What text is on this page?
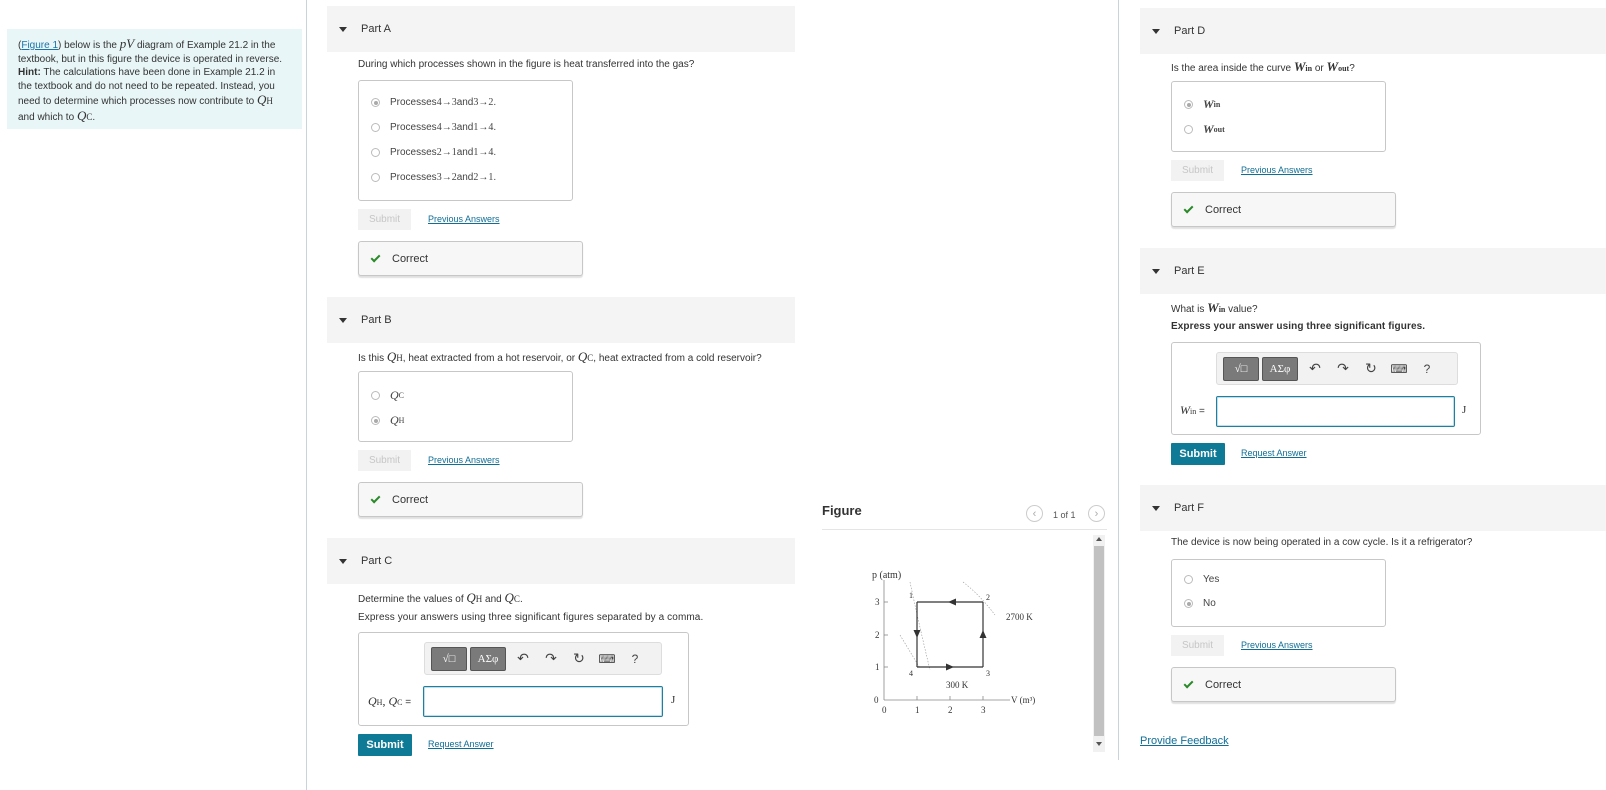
(Figure 1) below is the pV diagram of Example 21.2 in the textbook, but in this figure the device is operated in reverse. Hint: The calculations have been done in Example 21.2 in the textbook and do not need to be repeated. Instead, you need to determine which processes now contribute to QH and which to QC.
Part A
During which processes shown in the figure is heat transferred into the gas?
Processes 4 → 3 and 3 → 2 .
Processes 4 → 3 and 1 → 4 .
Processes 2 → 1 and 1 → 4 .
Processes 3 → 2 and 2 → 1 .
Submit	Previous Answers
Correct
Part B
Is this QH, heat extracted from a hot reservoir, or QC, heat extracted from a cold reservoir?
Q C
Q H
Submit	Previous Answers
Correct
Part C
Determine the values of QH and QC.
Express your answers using three significant figures separated by a comma.
√□	ΑΣφ	↶	↷	↻	⌨	?
QH, QC =	J
Submit	Request Answer
Figure	‹ 1 of 1 ›
p (atm)
3
2
1
0
0	1	2	3
V (m³)
1	2
3
4
2700 K
300 K
Part D
Is the area inside the curve Win or Wout?
W in
W out
Submit	Previous Answers
Correct
Part E
What is Win value?
Express your answer using three significant figures.
√□	ΑΣφ	↶	↷	↻	⌨	?
Win =	J
Submit	Request Answer
Part F
The device is now being operated in a cow cycle. Is it a refrigerator?
Yes
No
Submit	Previous Answers
Correct
Provide Feedback
